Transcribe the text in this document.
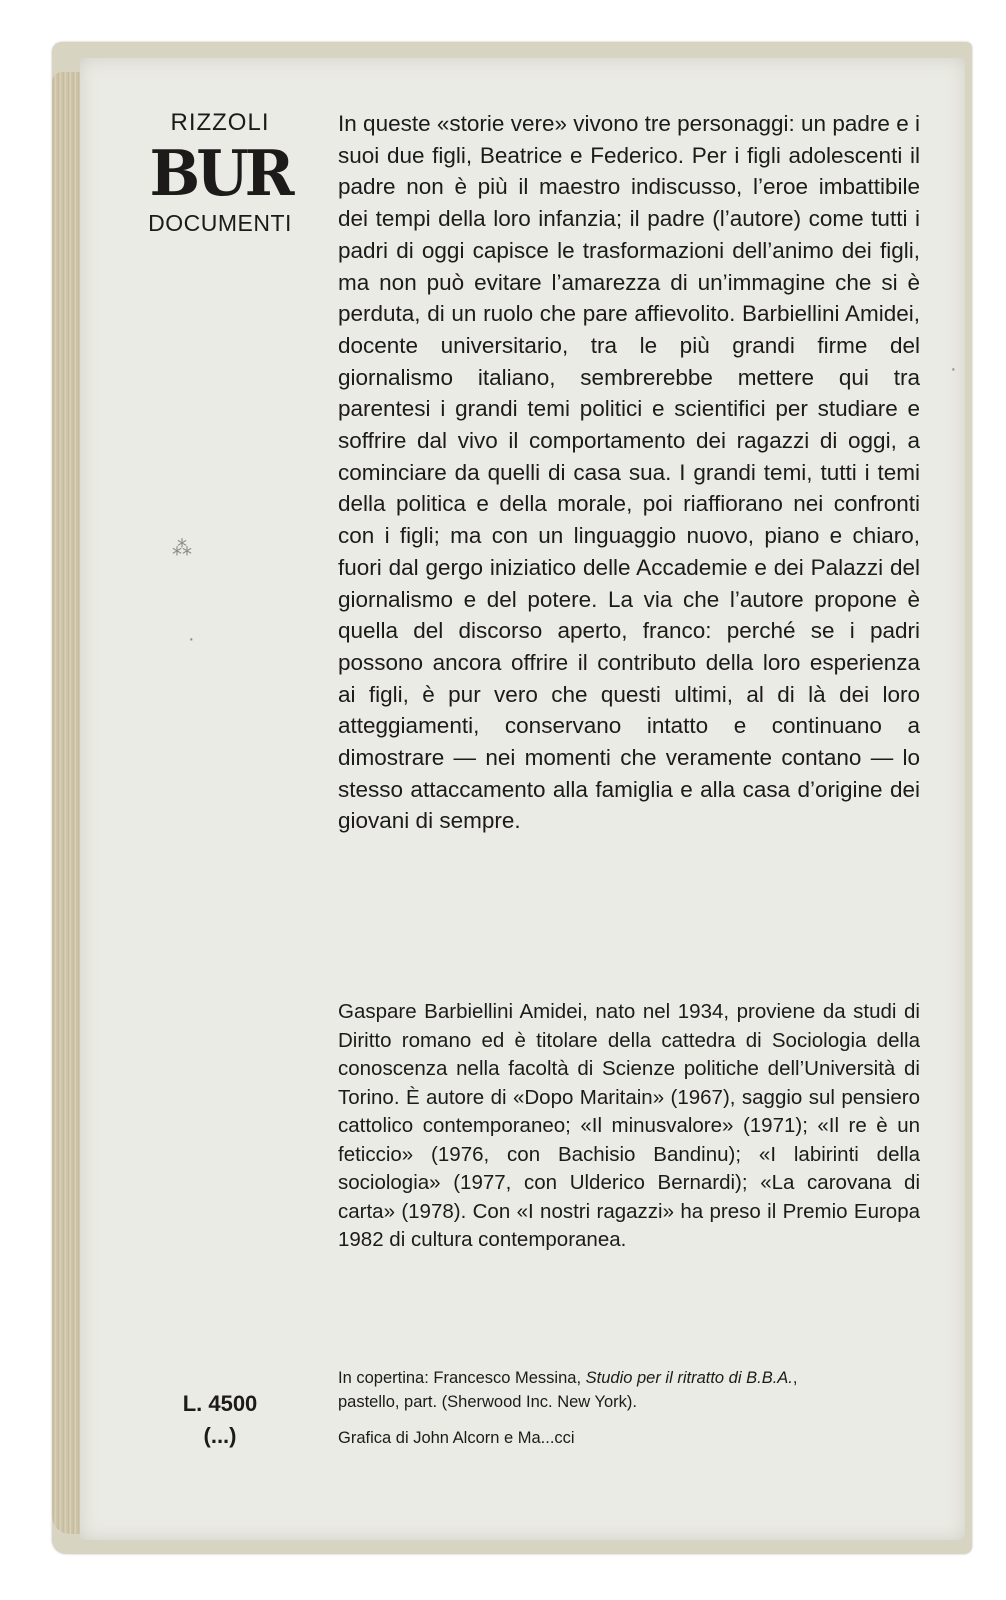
RIZZOLI
BUR
DOCUMENTI

In queste «storie vere» vivono tre personaggi: un padre e i suoi due figli, Beatrice e Federico. Per i figli adolescenti il padre non è più il maestro indiscusso, l’eroe imbattibile dei tempi della loro infanzia; il padre (l’autore) come tutti i padri di oggi capisce le trasformazioni dell’animo dei figli, ma non può evitare l’amarezza di un’immagine che si è perduta, di un ruolo che pare affievolito. Barbiellini Amidei, docente universitario, tra le più grandi firme del giornalismo italiano, sembrerebbe mettere qui tra parentesi i grandi temi politici e scientifici per studiare e soffrire dal vivo il comportamento dei ragazzi di oggi, a cominciare da quelli di casa sua. I grandi temi, tutti i temi della politica e della morale, poi riaffiorano nei confronti con i figli; ma con un linguaggio nuovo, piano e chiaro, fuori dal gergo iniziatico delle Accademie e dei Palazzi del giornalismo e del potere. La via che l’autore propone è quella del discorso aperto, franco: perché se i padri possono ancora offrire il contributo della loro esperienza ai figli, è pur vero che questi ultimi, al di là dei loro atteggiamenti, conservano intatto e continuano a dimostrare — nei momenti che veramente contano — lo stesso attaccamento alla famiglia e alla casa d’origine dei giovani di sempre.

Gaspare Barbiellini Amidei, nato nel 1934, proviene da studi di Diritto romano ed è titolare della cattedra di Sociologia della conoscenza nella facoltà di Scienze politiche dell’Università di Torino. È autore di «Dopo Maritain» (1967), saggio sul pensiero cattolico contemporaneo; «Il minusvalore» (1971); «Il re è un feticcio» (1976, con Bachisio Bandinu); «I labirinti della sociologia» (1977, con Ulderico Bernardi); «La carovana di carta» (1978). Con «I nostri ragazzi» ha preso il Premio Europa 1982 di cultura contemporanea.

L. 4500
(...)

In copertina: Francesco Messina, Studio per il ritratto di B.B.A.,
pastello, part. (Sherwood Inc. New York).

Grafica di John Alcorn e Ma...cci
⁂
·
·
